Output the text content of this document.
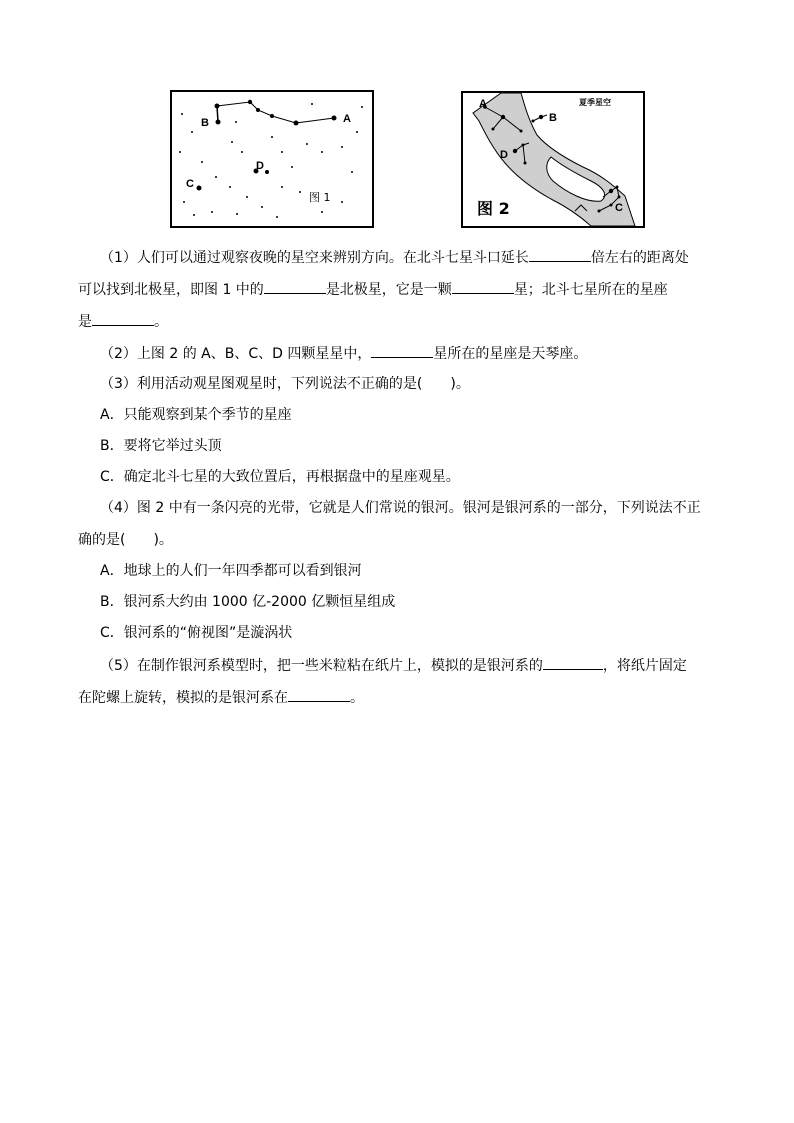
B	A
D
C
图 1
A
B
D
C
夏季星空
图 2
（1）人们可以通过观察夜晚的星空来辨别方向。在北斗七星斗口延长	倍左右的距离处
可以找到北极星，即图 1 中的	是北极星，它是一颗	星；北斗七星所在的星座
是	。
（2）上图 2 的 A、B、C、D 四颗星星中，	星所在的星座是天琴座。
（3）利用活动观星图观星时，下列说法不正确的是(　　)。
A．只能观察到某个季节的星座
B．要将它举过头顶
C．确定北斗七星的大致位置后，再根据盘中的星座观星。
（4）图 2 中有一条闪亮的光带，它就是人们常说的银河。银河是银河系的一部分，下列说法不正
确的是(　　)。
A．地球上的人们一年四季都可以看到银河
B．银河系大约由 1000 亿-2000 亿颗恒星组成
C．银河系的“俯视图”是漩涡状
（5）在制作银河系模型时，把一些米粒粘在纸片上，模拟的是银河系的	，将纸片固定
在陀螺上旋转，模拟的是银河系在	。
